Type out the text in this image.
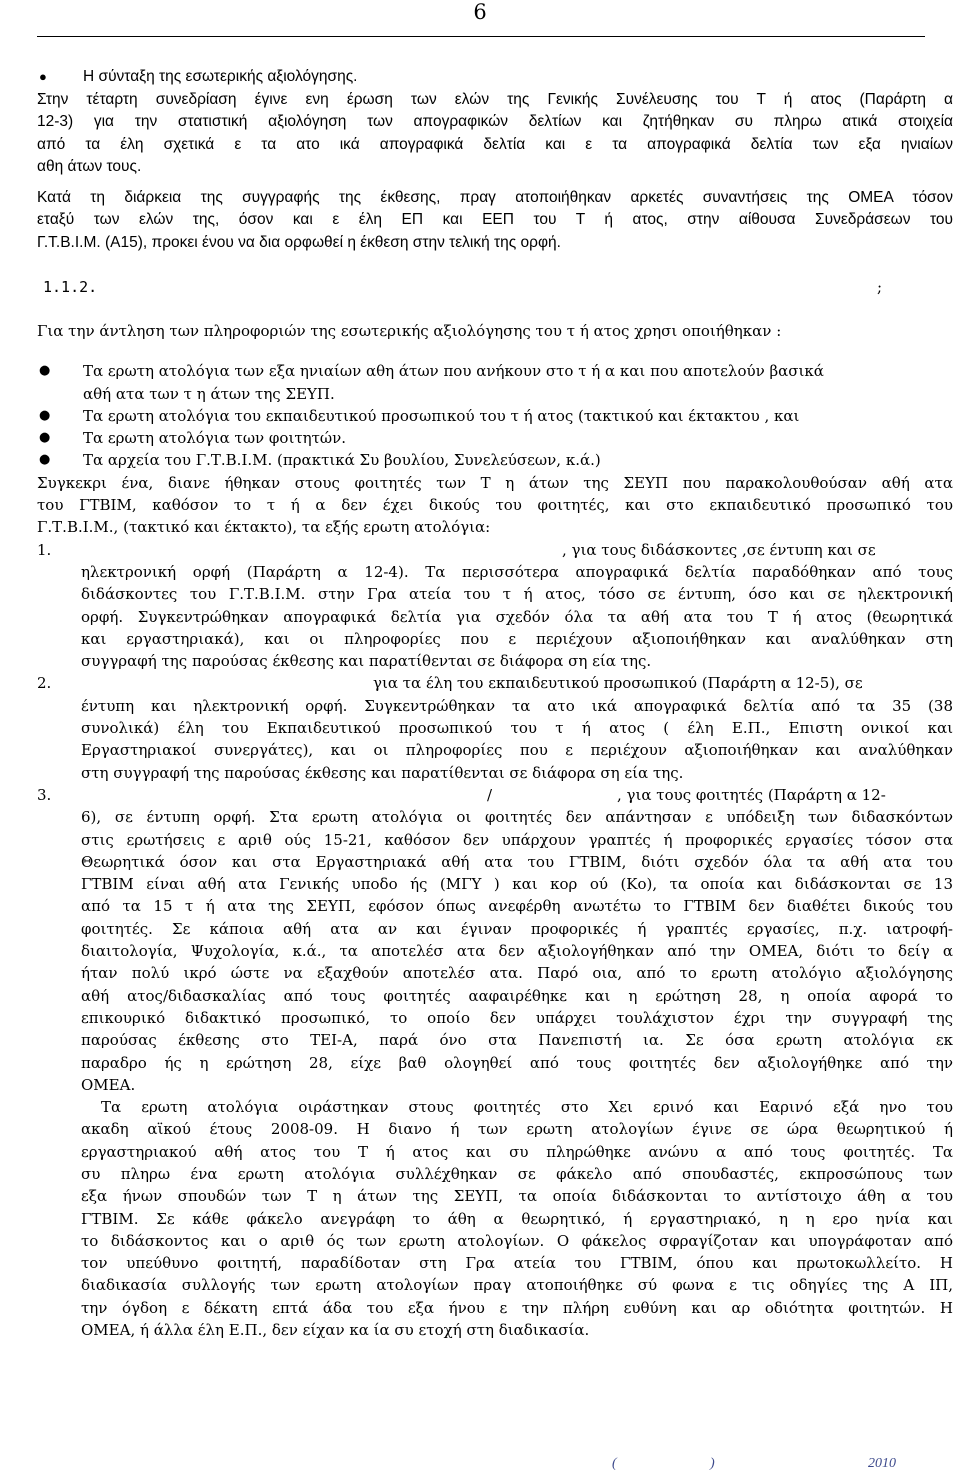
6
●	Η σύνταξη της εσωτερικής αξιολόγησης.
Στην τέταρτη συνεδρίαση έγινε ενη έρωση των ελών της Γενικής Συνέλευσης του Τ ή ατος (Παράρτη α
12-3) για την στατιστική αξιολόγηση των απογραφικών δελτίων και ζητήθηκαν συ πληρω ατικά στοιχεία
από τα έλη σχετικά ε τα ατο ικά απογραφικά δελτία και ε τα απογραφικά δελτία των εξα ηνιαίων
αθη άτων τους.
Κατά τη διάρκεια της συγγραφής της έκθεσης, πραγ ατοποιήθηκαν αρκετές συναντήσεις της ΟΜΕΑ τόσον
εταξύ των ελών της, όσον και ε έλη ΕΠ και ΕΕΠ του Τ ή ατος, στην αίθουσα Συνεδράσεων του
Γ.Τ.Β.Ι.Μ. (Α15), προκει ένου να δια ορφωθεί η έκθεση στην τελική της ορφή.
1.1.2.	;
Για την άντληση των πληροφοριών της εσωτερικής αξιολόγησης του τ ή ατος χρησι οποιήθηκαν :
●	Τα ερωτη ατολόγια των εξα ηνιαίων αθη άτων που ανήκουν στο τ ή α και που αποτελούν βασικά
αθή ατα των τ η άτων της ΣΕΥΠ.
●	Τα ερωτη ατολόγια του εκπαιδευτικού προσωπικού του τ ή ατος (τακτικού και έκτακτου , και
●	Τα ερωτη ατολόγια των φοιτητών.
●	Τα αρχεία του Γ.Τ.Β.Ι.Μ. (πρακτικά Συ βουλίου, Συνελεύσεων, κ.ά.)
Συγκεκρι ένα, διανε ήθηκαν στους φοιτητές των Τ η άτων της ΣΕΥΠ που παρακολουθούσαν αθή ατα
του ΓΤΒΙΜ, καθόσον το τ ή α δεν έχει δικούς του φοιτητές, και στο εκπαιδευτικό προσωπικό του
Γ.Τ.Β.Ι.Μ., (τακτικό και έκτακτο), τα εξής ερωτη ατολόγια:
1.	, για τους διδάσκοντες ,σε έντυπη και σε
ηλεκτρονική ορφή (Παράρτη α 12-4). Τα περισσότερα απογραφικά δελτία παραδόθηκαν από τους
διδάσκοντες του Γ.Τ.Β.Ι.Μ. στην Γρα ατεία του τ ή ατος, τόσο σε έντυπη, όσο και σε ηλεκτρονική
ορφή. Συγκεντρώθηκαν απογραφικά δελτία για σχεδόν όλα τα αθή ατα του Τ ή ατος (θεωρητικά
και εργαστηριακά), και οι πληροφορίες που ε περιέχουν αξιοποιήθηκαν και αναλύθηκαν στη
συγγραφή της παρούσας έκθεσης και παρατίθενται σε διάφορα ση εία της.
2.	για τα έλη του εκπαιδευτικού προσωπικού (Παράρτη α 12-5), σε
έντυπη και ηλεκτρονική ορφή. Συγκεντρώθηκαν τα ατο ικά απογραφικά δελτία από τα 35 (38
συνολικά) έλη του Εκπαιδευτικού προσωπικού του τ ή ατος ( έλη Ε.Π., Επιστη ονικοί και
Εργαστηριακοί συνεργάτες), και οι πληροφορίες που ε περιέχουν αξιοποιήθηκαν και αναλύθηκαν
στη συγγραφή της παρούσας έκθεσης και παρατίθενται σε διάφορα ση εία της.
3.	/	, για τους φοιτητές (Παράρτη α 12-
6), σε έντυπη ορφή. Στα ερωτη ατολόγια οι φοιτητές δεν απάντησαν ε υπόδειξη των διδασκόντων
στις ερωτήσεις ε αριθ ούς 15-21, καθόσον δεν υπάρχουν γραπτές ή προφορικές εργασίες τόσον στα
Θεωρητικά όσον και στα Εργαστηριακά αθή ατα του ΓΤΒΙΜ, διότι σχεδόν όλα τα αθή ατα του
ΓΤΒΙΜ είναι αθή ατα Γενικής υποδο ής (ΜΓΥ ) και κορ ού (Κο), τα οποία και διδάσκονται σε 13
από τα 15 τ ή ατα της ΣΕΥΠ, εφόσον όπως ανεφέρθη ανωτέτω το ΓΤΒΙΜ δεν διαθέτει δικούς του
φοιτητές. Σε κάποια αθή ατα αν και έγιναν προφορικές ή γραπτές εργασίες, π.χ. ιατροφή-
διαιτολογία, Ψυχολογία, κ.ά., τα αποτελέσ ατα δεν αξιολογήθηκαν από την ΟΜΕΑ, διότι το δείγ α
ήταν πολύ ικρό ώστε να εξαχθούν αποτελέσ ατα. Παρό οια, από το ερωτη ατολόγιο αξιολόγησης
αθή ατος/διδασκαλίας από τους φοιτητές ααφαιρέθηκε και η ερώτηση 28, η οποία αφορά το
επικουρικό διδακτικό προσωπικό, το οποίο δεν υπάρχει τουλάχιστον έχρι την συγγραφή της
παρούσας έκθεσης στο ΤΕΙ-Α, παρά όνο στα Πανεπιστή ια. Σε όσα ερωτη ατολόγια εκ
παραδρο ής η ερώτηση 28, είχε βαθ ολογηθεί από τους φοιτητές δεν αξιολογήθηκε από την
ΟΜΕΑ.
Τα ερωτη ατολόγια οιράστηκαν στους φοιτητές στο Χει ερινό και Εαρινό εξά ηνο του
ακαδη αϊκού έτους 2008-09. Η διανο ή των ερωτη ατολογίων έγινε σε ώρα θεωρητικού ή
εργαστηριακού αθή ατος του Τ ή ατος και συ πληρώθηκε ανώνυ α από τους φοιτητές. Τα
συ πληρω ένα ερωτη ατολόγια συλλέχθηκαν σε φάκελο από σπουδαστές, εκπροσώπους των
εξα ήνων σπουδών των Τ η άτων της ΣΕΥΠ, τα οποία διδάσκονται το αντίστοιχο άθη α του
ΓΤΒΙΜ. Σε κάθε φάκελο ανεγράφη το άθη α θεωρητικό, ή εργαστηριακό, η η ερο ηνία και
το διδάσκοντος και ο αριθ ός των ερωτη ατολογίων. Ο φάκελος σφραγίζοταν και υπογράφοταν από
τον υπεύθυνο φοιτητή, παραδίδοταν στη Γρα ατεία του ΓΤΒΙΜ, όπου και πρωτοκωλλείτο. Η
διαδικασία συλλογής των ερωτη ατολογίων πραγ ατοποιήθηκε σύ φωνα ε τις οδηγίες της Α ΙΠ,
την όγδοη ε δέκατη επτά άδα του εξα ήνου ε την πλήρη ευθύνη και αρ οδιότητα φοιτητών. Η
ΟΜΕΑ, ή άλλα έλη Ε.Π., δεν είχαν κα ία συ ετοχή στη διαδικασία.
(	)	2010
